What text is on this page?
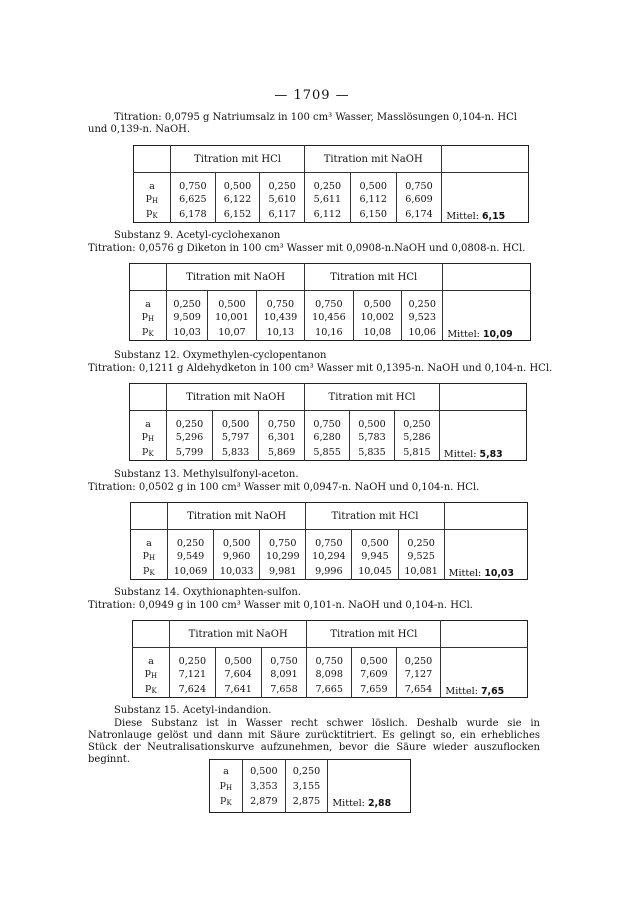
— 1709 —
Titration: 0,0795 g Natriumsalz in 100 cm³ Wasser, Masslösungen 0,104-n. HCl
und 0,139-n. NaOH.
	Titration mit HCl			Titration mit NaOH			
a	0,750	0,500	0,250	0,250	0,500	0,750	
$p_H$	6,625	6,122	5,610	5,611	6,112	6,609	
$p_K$	6,178	6,152	6,117	6,112	6,150	6,174	Mittel: 6,15
Substanz 9. Acetyl-cyclohexanon
Titration: 0,0576 g Diketon in 100 cm³ Wasser mit 0,0908-n.NaOH und 0,0808-n. HCl.
	Titration mit NaOH			Titration mit HCl			
a	0,250	0,500	0,750	0,750	0,500	0,250	
$p_H$	9,509	10,001	10,439	10,456	10,002	9,523	
$p_K$	10,03	10,07	10,13	10,16	10,08	10,06	Mittel: 10,09
Substanz 12. Oxymethylen-cyclopentanon
Titration: 0,1211 g Aldehydketon in 100 cm³ Wasser mit 0,1395-n. NaOH und 0,104-n. HCl.
	Titration mit NaOH			Titration mit HCl			
a	0,250	0,500	0,750	0,750	0,500	0,250	
$p_H$	5,296	5,797	6,301	6,280	5,783	5,286	
$p_K$	5,799	5,833	5,869	5,855	5,835	5,815	Mittel: 5,83
Substanz 13. Methylsulfonyl-aceton.
Titration: 0,0502 g in 100 cm³ Wasser mit 0,0947-n. NaOH und 0,104-n. HCl.
	Titration mit NaOH			Titration mit HCl			
a	0,250	0,500	0,750	0,750	0,500	0,250	
$p_H$	9,549	9,960	10,299	10,294	9,945	9,525	
$p_K$	10,069	10,033	9,981	9,996	10,045	10,081	Mittel: 10,03
Substanz 14. Oxythionaphten-sulfon.
Titration: 0,0949 g in 100 cm³ Wasser mit 0,101-n. NaOH und 0,104-n. HCl.
	Titration mit NaOH			Titration mit HCl			
a	0,250	0,500	0,750	0,750	0,500	0,250	
$p_H$	7,121	7,604	8,091	8,098	7,609	7,127	
$p_K$	7,624	7,641	7,658	7,665	7,659	7,654	Mittel: 7,65
Substanz 15. Acetyl-indandion.
Diese Substanz ist in Wasser recht schwer löslich. Deshalb wurde sie in Natronlauge gelöst und dann mit Säure zurücktitriert. Es gelingt so, ein erhebliches Stück der Neutralisationskurve aufzunehmen, bevor die Säure wieder auszuflocken beginnt.
a	0,500	0,250	
$p_H$	3,353	3,155	
$p_K$	2,879	2,875	Mittel: 2,88
